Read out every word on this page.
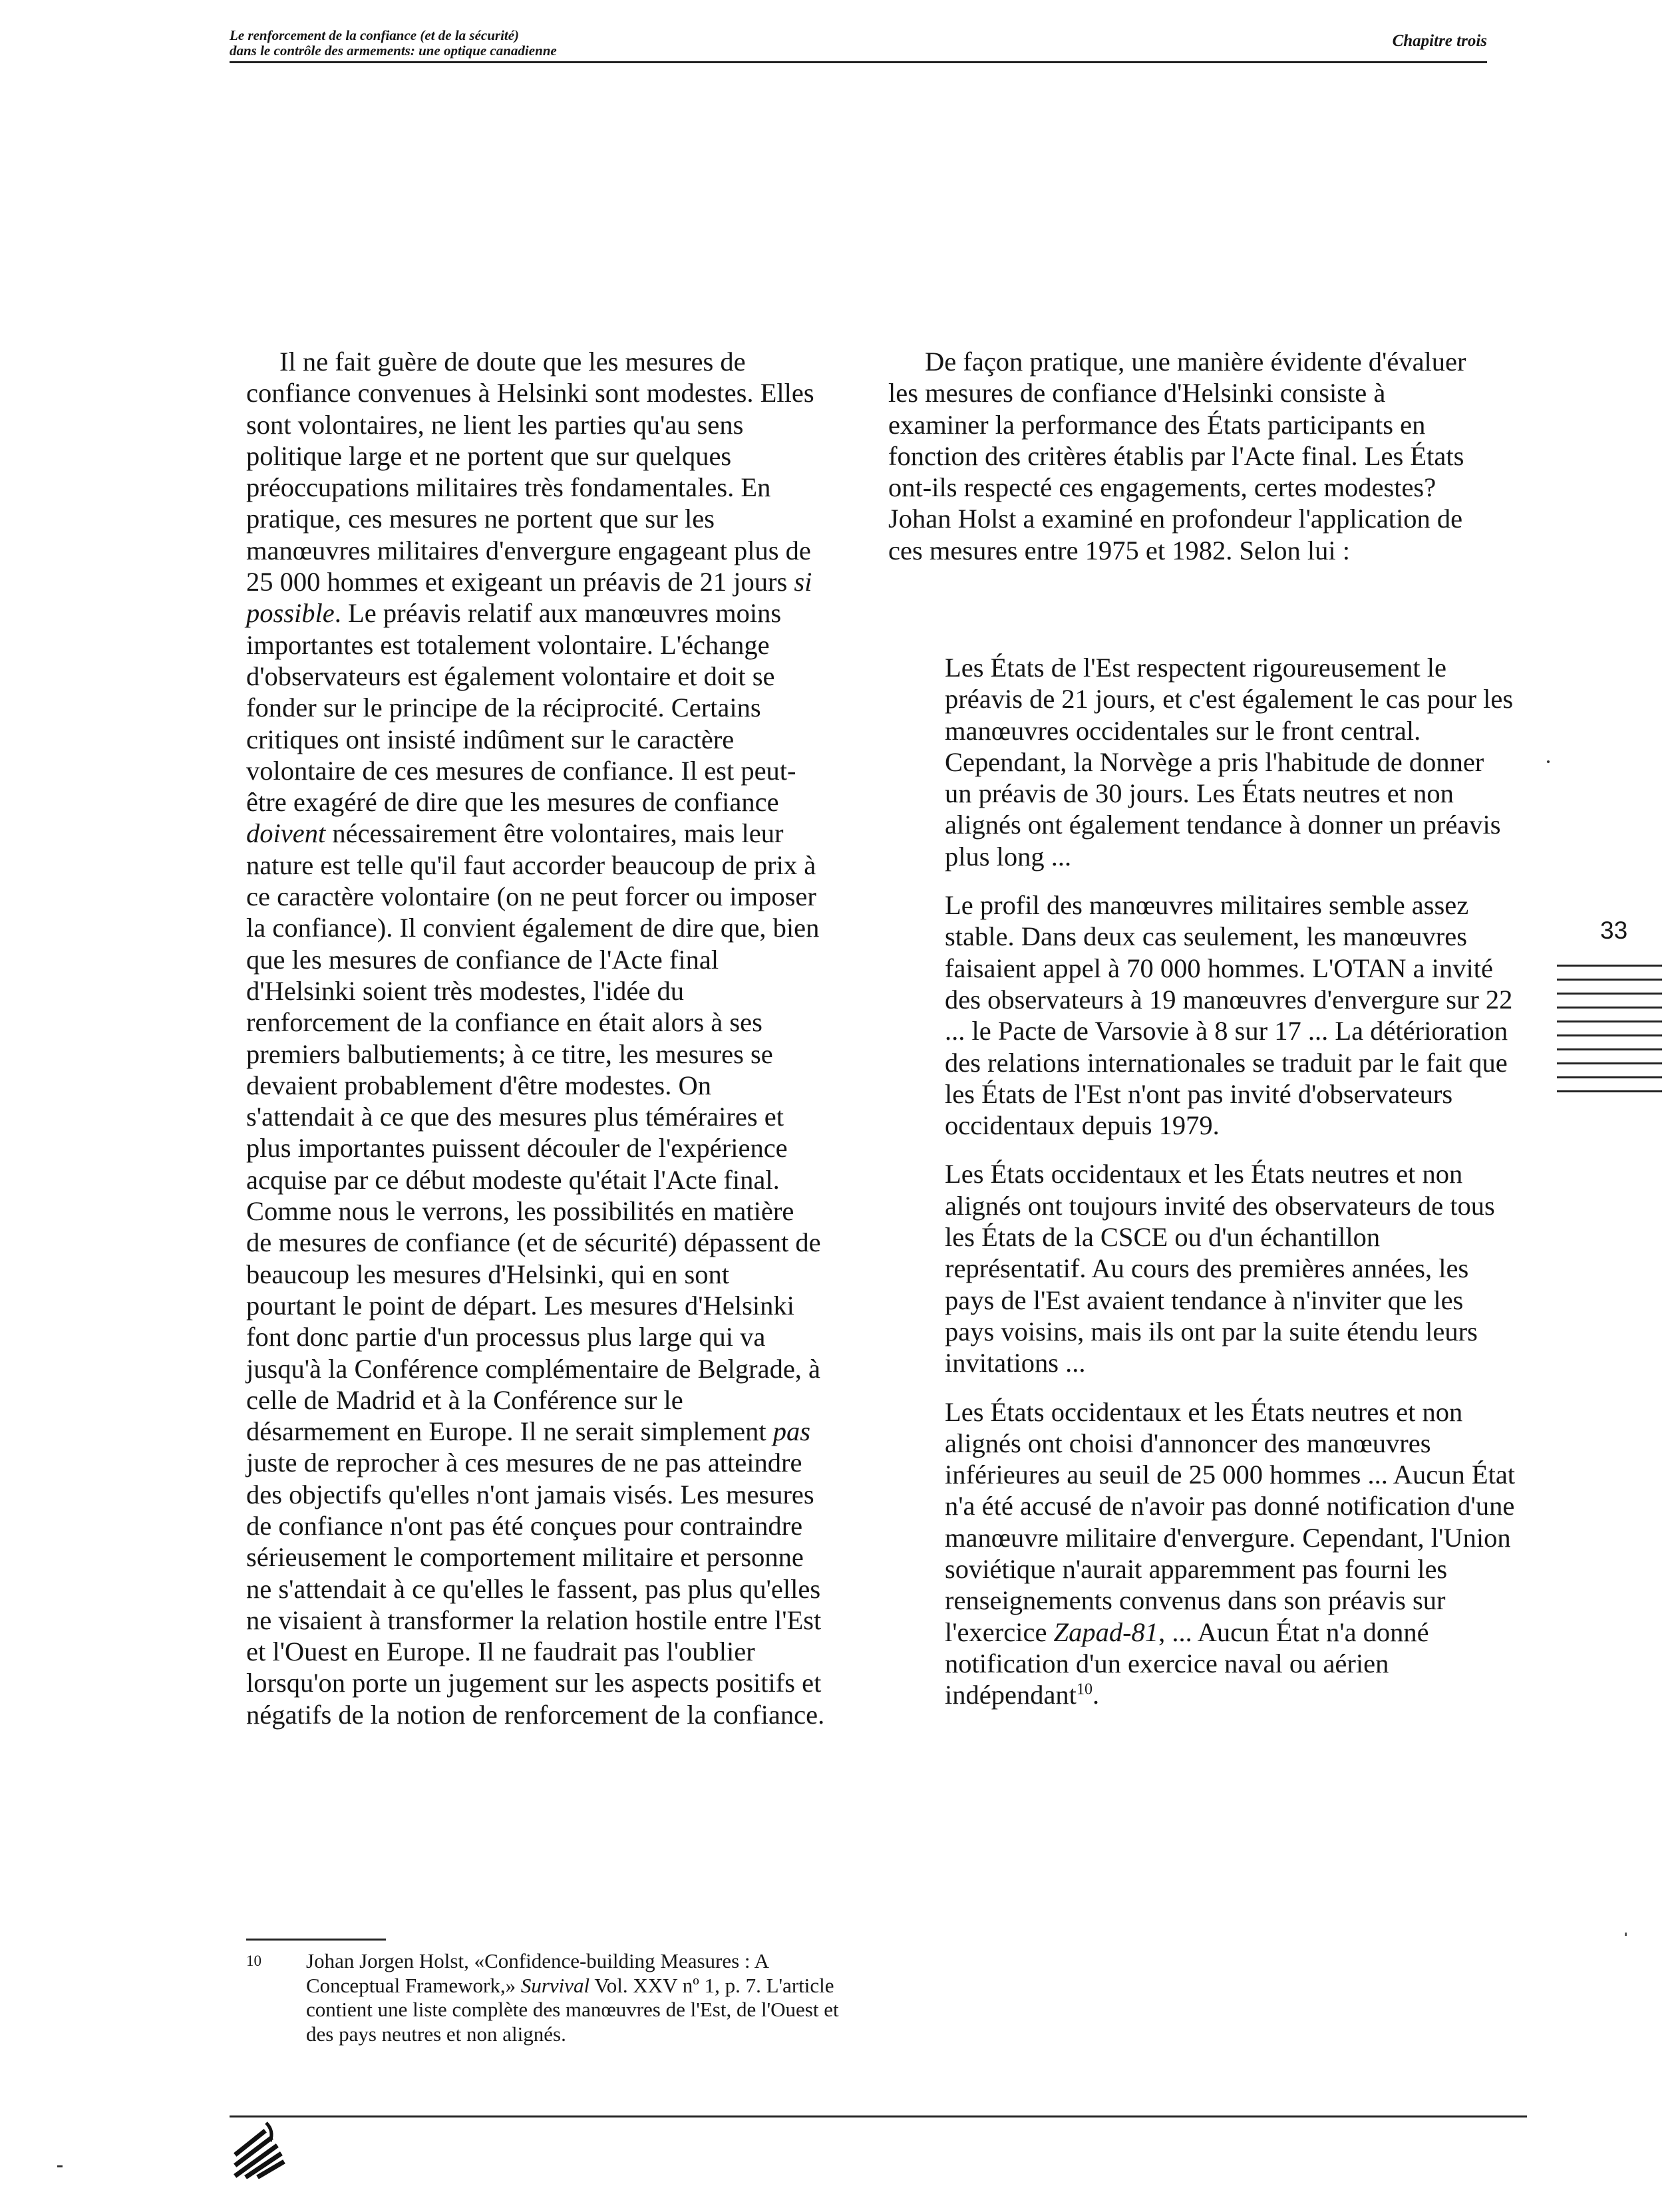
Le renforcement de la confiance (et de la sécurité)
dans le contrôle des armements: une optique canadienne
Chapitre trois

Il ne fait guère de doute que les mesures de confiance convenues à Helsinki sont modestes. Elles sont volontaires, ne lient les parties qu'au sens politique large et ne portent que sur quelques préoccupations militaires très fondamentales. En pratique, ces mesures ne portent que sur les manœuvres militaires d'envergure engageant plus de 25 000 hommes et exigeant un préavis de 21 jours si possible. Le préavis relatif aux manœuvres moins importantes est totalement volontaire. L'échange d'observateurs est également volontaire et doit se fonder sur le principe de la réciprocité. Certains critiques ont insisté indûment sur le caractère volontaire de ces mesures de confiance. Il est peut-être exagéré de dire que les mesures de confiance doivent nécessairement être volontaires, mais leur nature est telle qu'il faut accorder beaucoup de prix à ce caractère volontaire (on ne peut forcer ou imposer la confiance). Il convient également de dire que, bien que les mesures de confiance de l'Acte final d'Helsinki soient très modestes, l'idée du renforcement de la confiance en était alors à ses premiers balbutiements; à ce titre, les mesures se devaient probablement d'être modestes. On s'attendait à ce que des mesures plus téméraires et plus importantes puissent découler de l'expérience acquise par ce début modeste qu'était l'Acte final. Comme nous le verrons, les possibilités en matière de mesures de confiance (et de sécurité) dépassent de beaucoup les mesures d'Helsinki, qui en sont pourtant le point de départ. Les mesures d'Helsinki font donc partie d'un processus plus large qui va jusqu'à la Conférence complémentaire de Belgrade, à celle de Madrid et à la Conférence sur le désarmement en Europe. Il ne serait simplement pas juste de reprocher à ces mesures de ne pas atteindre des objectifs qu'elles n'ont jamais visés. Les mesures de confiance n'ont pas été conçues pour contraindre sérieusement le comportement militaire et personne ne s'attendait à ce qu'elles le fassent, pas plus qu'elles ne visaient à transformer la relation hostile entre l'Est et l'Ouest en Europe. Il ne faudrait pas l'oublier lorsqu'on porte un jugement sur les aspects positifs et négatifs de la notion de renforcement de la confiance.

De façon pratique, une manière évidente d'évaluer les mesures de confiance d'Helsinki consiste à examiner la performance des États participants en fonction des critères établis par l'Acte final. Les États ont-ils respecté ces engagements, certes modestes? Johan Holst a examiné en profondeur l'application de ces mesures entre 1975 et 1982. Selon lui :

Les États de l'Est respectent rigoureusement le préavis de 21 jours, et c'est également le cas pour les manœuvres occidentales sur le front central. Cependant, la Norvège a pris l'habitude de donner un préavis de 30 jours. Les États neutres et non alignés ont également tendance à donner un préavis plus long ...

Le profil des manœuvres militaires semble assez stable. Dans deux cas seulement, les manœuvres faisaient appel à 70 000 hommes. L'OTAN a invité des observateurs à 19 manœuvres d'envergure sur 22 ... le Pacte de Varsovie à 8 sur 17 ... La détérioration des relations internationales se traduit par le fait que les États de l'Est n'ont pas invité d'observateurs occidentaux depuis 1979.

Les États occidentaux et les États neutres et non alignés ont toujours invité des observateurs de tous les États de la CSCE ou d'un échantillon représentatif. Au cours des premières années, les pays de l'Est avaient tendance à n'inviter que les pays voisins, mais ils ont par la suite étendu leurs invitations ...

Les États occidentaux et les États neutres et non alignés ont choisi d'annoncer des manœuvres inférieures au seuil de 25 000 hommes ... Aucun État n'a été accusé de n'avoir pas donné notification d'une manœuvre militaire d'envergure. Cependant, l'Union soviétique n'aurait apparemment pas fourni les renseignements convenus dans son préavis sur l'exercice Zapad-81, ... Aucun État n'a donné notification d'un exercice naval ou aérien indépendant$^{10}$.

33
10 Johan Jorgen Holst, «Confidence-building Measures : A Conceptual Framework,» Survival Vol. XXV nº 1, p. 7. L'article contient une liste complète des manœuvres de l'Est, de l'Ouest et des pays neutres et non alignés.
